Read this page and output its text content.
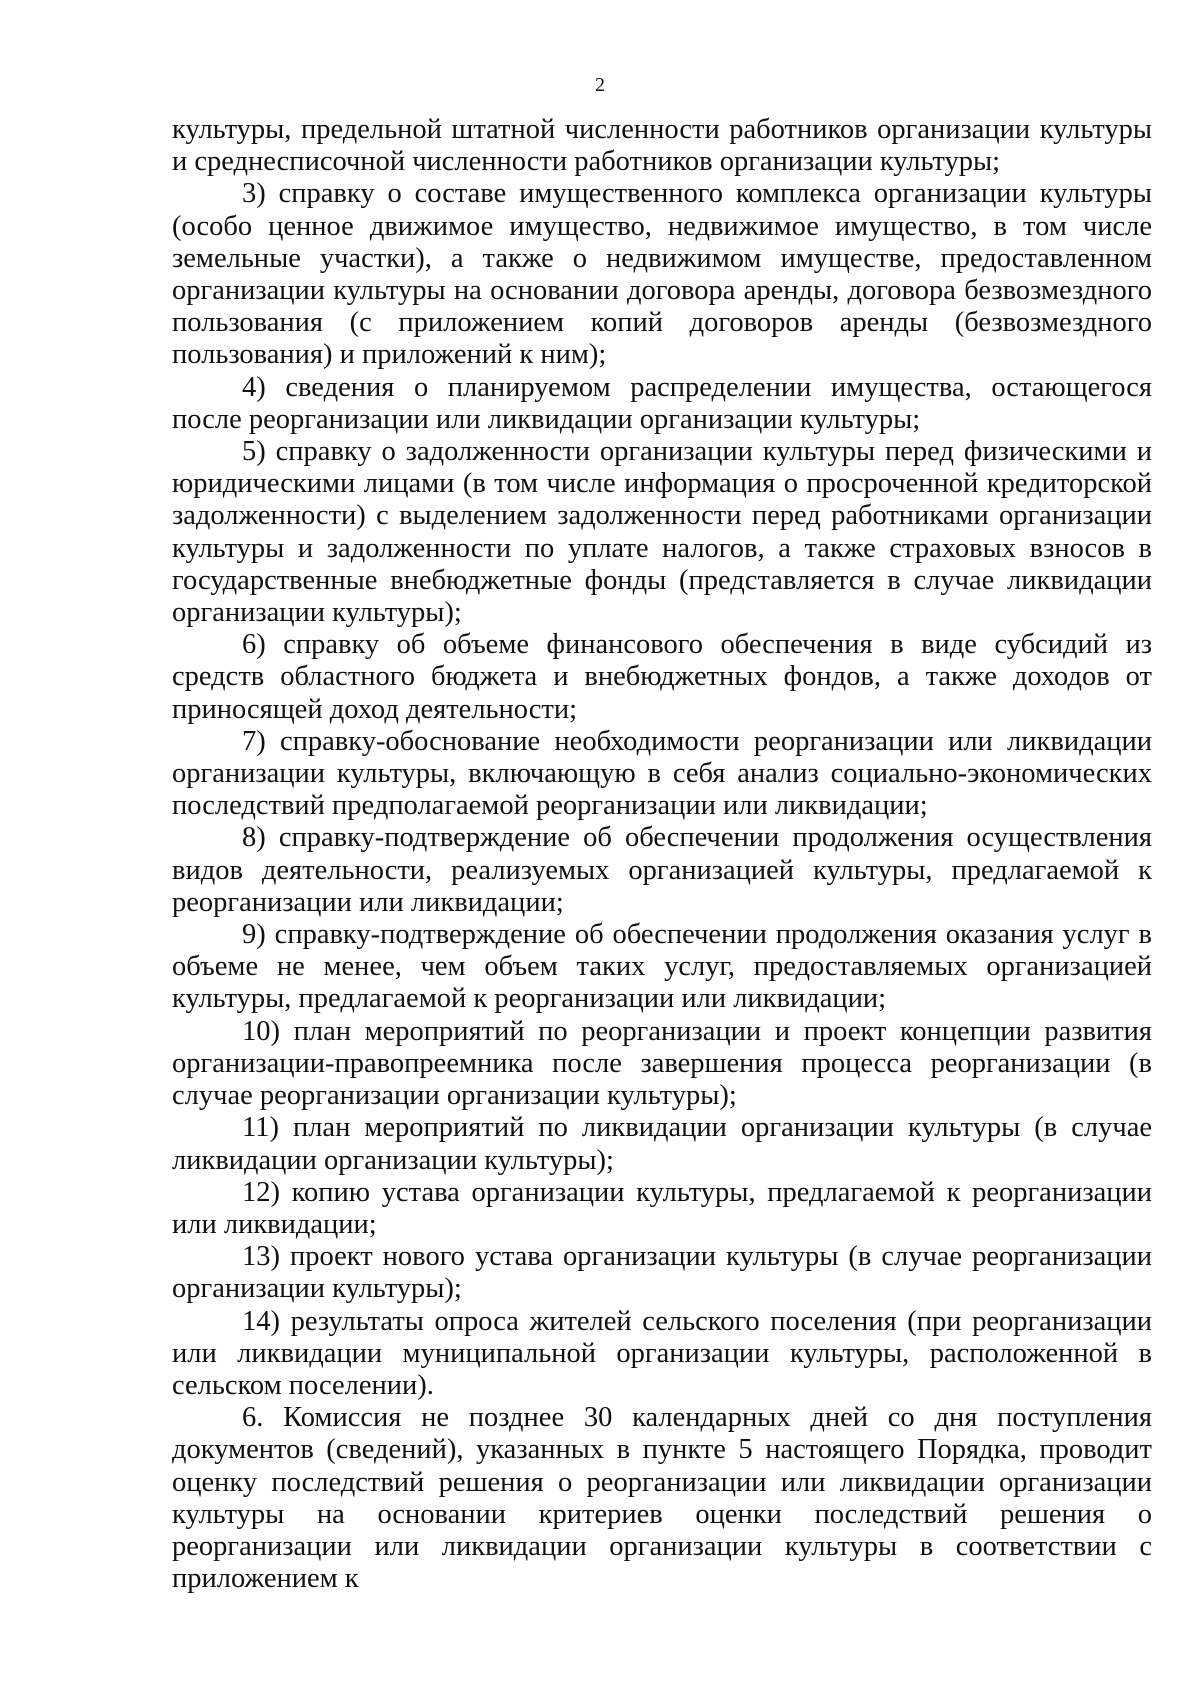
2

культуры, предельной штатной численности работников организации культуры и среднесписочной численности работников организации культуры;

3) справку о составе имущественного комплекса организации культуры (особо ценное движимое имущество, недвижимое имущество, в том числе земельные участки), а также о недвижимом имуществе, предоставленном организации культуры на основании договора аренды, договора безвозмездного пользования (с приложением копий договоров аренды (безвозмездного пользования) и приложений к ним);

4) сведения о планируемом распределении имущества, остающегося после реорганизации или ликвидации организации культуры;

5) справку о задолженности организации культуры перед физическими и юридическими лицами (в том числе информация о просроченной кредиторской задолженности) с выделением задолженности перед работниками организации культуры и задолженности по уплате налогов, а также страховых взносов в государственные внебюджетные фонды (представляется в случае ликвидации организации культуры);

6) справку об объеме финансового обеспечения в виде субсидий из средств областного бюджета и внебюджетных фондов, а также доходов от приносящей доход деятельности;

7) справку-обоснование необходимости реорганизации или ликвидации организации культуры, включающую в себя анализ социально-экономических последствий предполагаемой реорганизации или ликвидации;

8) справку-подтверждение об обеспечении продолжения осуществления видов деятельности, реализуемых организацией культуры, предлагаемой к реорганизации или ликвидации;

9) справку-подтверждение об обеспечении продолжения оказания услуг в объеме не менее, чем объем таких услуг, предоставляемых организацией культуры, предлагаемой к реорганизации или ликвидации;

10) план мероприятий по реорганизации и проект концепции развития организации-правопреемника после завершения процесса реорганизации (в случае реорганизации организации культуры);

11) план мероприятий по ликвидации организации культуры (в случае ликвидации организации культуры);

12) копию устава организации культуры, предлагаемой к реорганизации или ликвидации;

13) проект нового устава организации культуры (в случае реорганизации организации культуры);

14) результаты опроса жителей сельского поселения (при реорганизации или ликвидации муниципальной организации культуры, расположенной в сельском поселении).

6. Комиссия не позднее 30 календарных дней со дня поступления документов (сведений), указанных в пункте 5 настоящего Порядка, проводит оценку последствий решения о реорганизации или ликвидации организации культуры на основании критериев оценки последствий решения о реорганизации или ликвидации организации культуры в соответствии с приложением к
